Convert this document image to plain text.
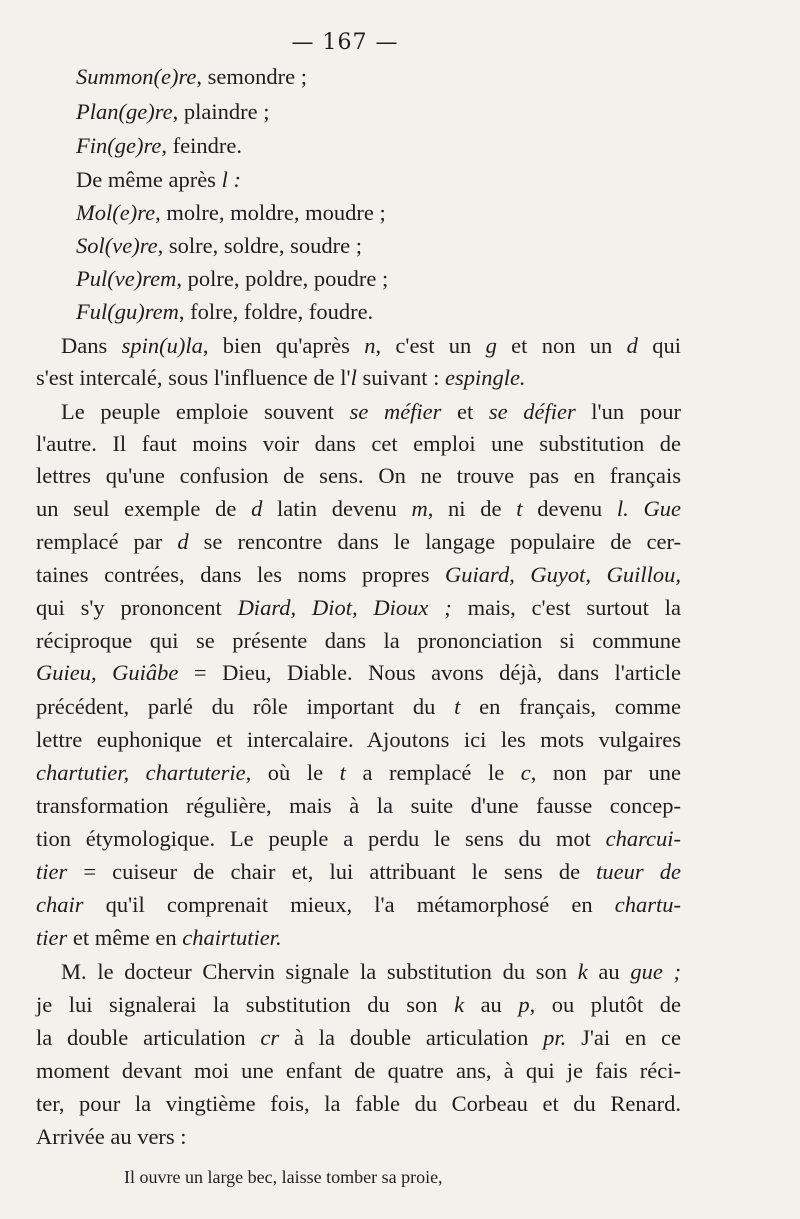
— 167 —
Summon(e)re, semondre ;
Plan(ge)re, plaindre ;
Fin(ge)re, feindre.
De même après l :
Mol(e)re, molre, moldre, moudre ;
Sol(ve)re, solre, soldre, soudre ;
Pul(ve)rem, polre, poldre, poudre ;
Ful(gu)rem, folre, foldre, foudre.
Dans spin(u)la, bien qu'après n, c'est un g et non un d qui
s'est intercalé, sous l'influence de l'l suivant : espingle.
Le peuple emploie souvent se méfier et se défier l'un pour
l'autre. Il faut moins voir dans cet emploi une substitution de
lettres qu'une confusion de sens. On ne trouve pas en français
un seul exemple de d latin devenu m, ni de t devenu l. Gue
remplacé par d se rencontre dans le langage populaire de cer-
taines contrées, dans les noms propres Guiard, Guyot, Guillou,
qui s'y prononcent Diard, Diot, Dioux ; mais, c'est surtout la
réciproque qui se présente dans la prononciation si commune
Guieu, Guiâbe = Dieu, Diable. Nous avons déjà, dans l'article
précédent, parlé du rôle important du t en français, comme
lettre euphonique et intercalaire. Ajoutons ici les mots vulgaires
chartutier, chartuterie, où le t a remplacé le c, non par une
transformation régulière, mais à la suite d'une fausse concep-
tion étymologique. Le peuple a perdu le sens du mot charcui-
tier = cuiseur de chair et, lui attribuant le sens de tueur de
chair qu'il comprenait mieux, l'a métamorphosé en chartu-
tier et même en chairtutier.
M. le docteur Chervin signale la substitution du son k au gue ;
je lui signalerai la substitution du son k au p, ou plutôt de
la double articulation cr à la double articulation pr. J'ai en ce
moment devant moi une enfant de quatre ans, à qui je fais réci-
ter, pour la vingtième fois, la fable du Corbeau et du Renard.
Arrivée au vers :
Il ouvre un large bec, laisse tomber sa proie,
